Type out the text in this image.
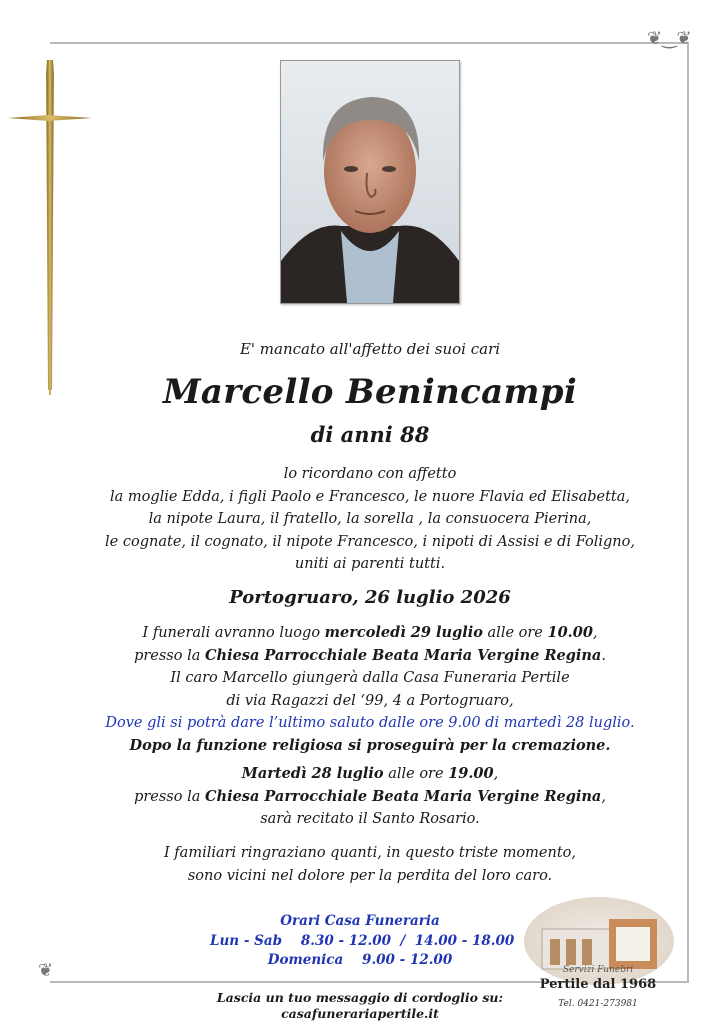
❦‿❦
❦
E' mancato all'affetto dei suoi cari
Marcello Benincampi
di anni 88
lo ricordano con affetto
la moglie Edda, i figli Paolo e Francesco, le nuore Flavia ed Elisabetta,
la nipote Laura, il fratello, la sorella , la consuocera Pierina,
le cognate, il cognato, il nipote Francesco, i nipoti di Assisi e di Foligno,
uniti ai parenti tutti.
Portogruaro, 26 luglio 2026
I funerali avranno luogo mercoledì 29 luglio alle ore 10.00,
presso la Chiesa Parrocchiale Beata Maria Vergine Regina.
Il caro Marcello giungerà dalla Casa Funeraria Pertile
di via Ragazzi del ‘99, 4 a Portogruaro,
Dove gli si potrà dare l’ultimo saluto dalle ore 9.00 di martedì 28 luglio.
Dopo la funzione religiosa si proseguirà per la cremazione.
Martedì 28 luglio alle ore 19.00,
presso la Chiesa Parrocchiale Beata Maria Vergine Regina,
sarà recitato il Santo Rosario.
I familiari ringraziano quanti, in questo triste momento,
sono vicini nel dolore per la perdita del loro caro.
Orari Casa Funeraria
Lun - Sab    8.30 - 12.00  /  14.00 - 18.00
Domenica    9.00 - 12.00
Lascia un tuo messaggio di cordoglio su:
casafunerariapertile.it
Servizi Funebri
Pertile dal 1968
Tel. 0421-273981
